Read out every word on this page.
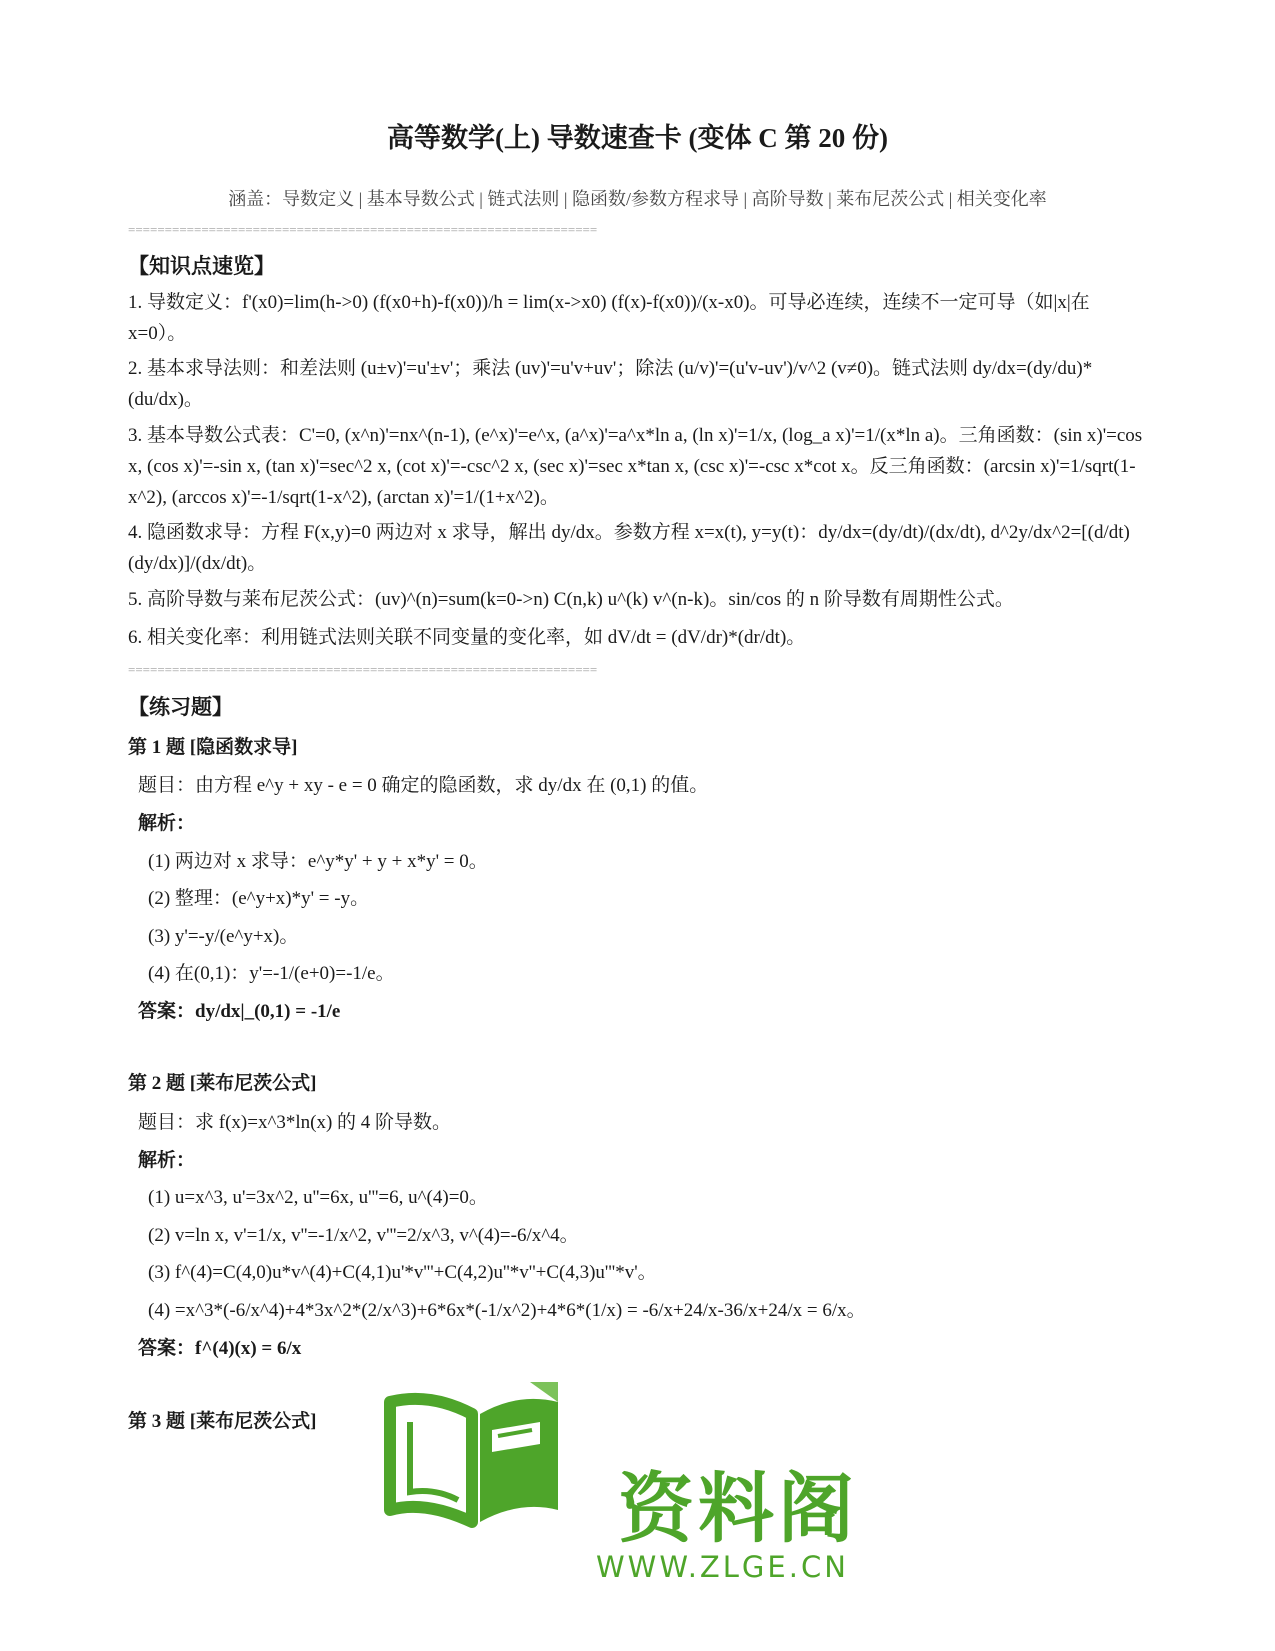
高等数学(上) 导数速查卡 (变体 C 第 20 份)
涵盖：导数定义 | 基本导数公式 | 链式法则 | 隐函数/参数方程求导 | 高阶导数 | 莱布尼茨公式 | 相关变化率
================================================================
【知识点速览】
1. 导数定义：f'(x0)=lim(h->0) (f(x0+h)-f(x0))/h = lim(x->x0) (f(x)-f(x0))/(x-x0)。可导必连续，连续不一定可导（如|x|在 x=0）。
2. 基本求导法则：和差法则 (u±v)'=u'±v'；乘法 (uv)'=u'v+uv'；除法 (u/v)'=(u'v-uv')/v^2 (v≠0)。链式法则 dy/dx=(dy/du)*(du/dx)。
3. 基本导数公式表：C'=0, (x^n)'=nx^(n-1), (e^x)'=e^x, (a^x)'=a^x*ln a, (ln x)'=1/x, (log_a x)'=1/(x*ln a)。三角函数：(sin x)'=cos x, (cos x)'=-sin x, (tan x)'=sec^2 x, (cot x)'=-csc^2 x, (sec x)'=sec x*tan x, (csc x)'=-csc x*cot x。反三角函数：(arcsin x)'=1/sqrt(1-x^2), (arccos x)'=-1/sqrt(1-x^2), (arctan x)'=1/(1+x^2)。
4. 隐函数求导：方程 F(x,y)=0 两边对 x 求导，解出 dy/dx。参数方程 x=x(t), y=y(t)：dy/dx=(dy/dt)/(dx/dt), d^2y/dx^2=[(d/dt)(dy/dx)]/(dx/dt)。
5. 高阶导数与莱布尼茨公式：(uv)^(n)=sum(k=0->n) C(n,k) u^(k) v^(n-k)。sin/cos 的 n 阶导数有周期性公式。
6. 相关变化率：利用链式法则关联不同变量的变化率，如 dV/dt = (dV/dr)*(dr/dt)。
================================================================
【练习题】
第 1 题 [隐函数求导]
题目：由方程 e^y + xy - e = 0 确定的隐函数，求 dy/dx 在 (0,1) 的值。
解析：
(1) 两边对 x 求导：e^y*y' + y + x*y' = 0。
(2) 整理：(e^y+x)*y' = -y。
(3) y'=-y/(e^y+x)。
(4) 在(0,1)：y'=-1/(e+0)=-1/e。
答案：dy/dx|_(0,1) = -1/e
第 2 题 [莱布尼茨公式]
题目：求 f(x)=x^3*ln(x) 的 4 阶导数。
解析：
(1) u=x^3, u'=3x^2, u''=6x, u'''=6, u^(4)=0。
(2) v=ln x, v'=1/x, v''=-1/x^2, v'''=2/x^3, v^(4)=-6/x^4。
(3) f^(4)=C(4,0)u*v^(4)+C(4,1)u'*v'''+C(4,2)u''*v''+C(4,3)u'''*v'。
(4) =x^3*(-6/x^4)+4*3x^2*(2/x^3)+6*6x*(-1/x^2)+4*6*(1/x) = -6/x+24/x-36/x+24/x = 6/x。
答案：f^(4)(x) = 6/x
第 3 题 [莱布尼茨公式]
资料阁
WWW.ZLGE.CN
